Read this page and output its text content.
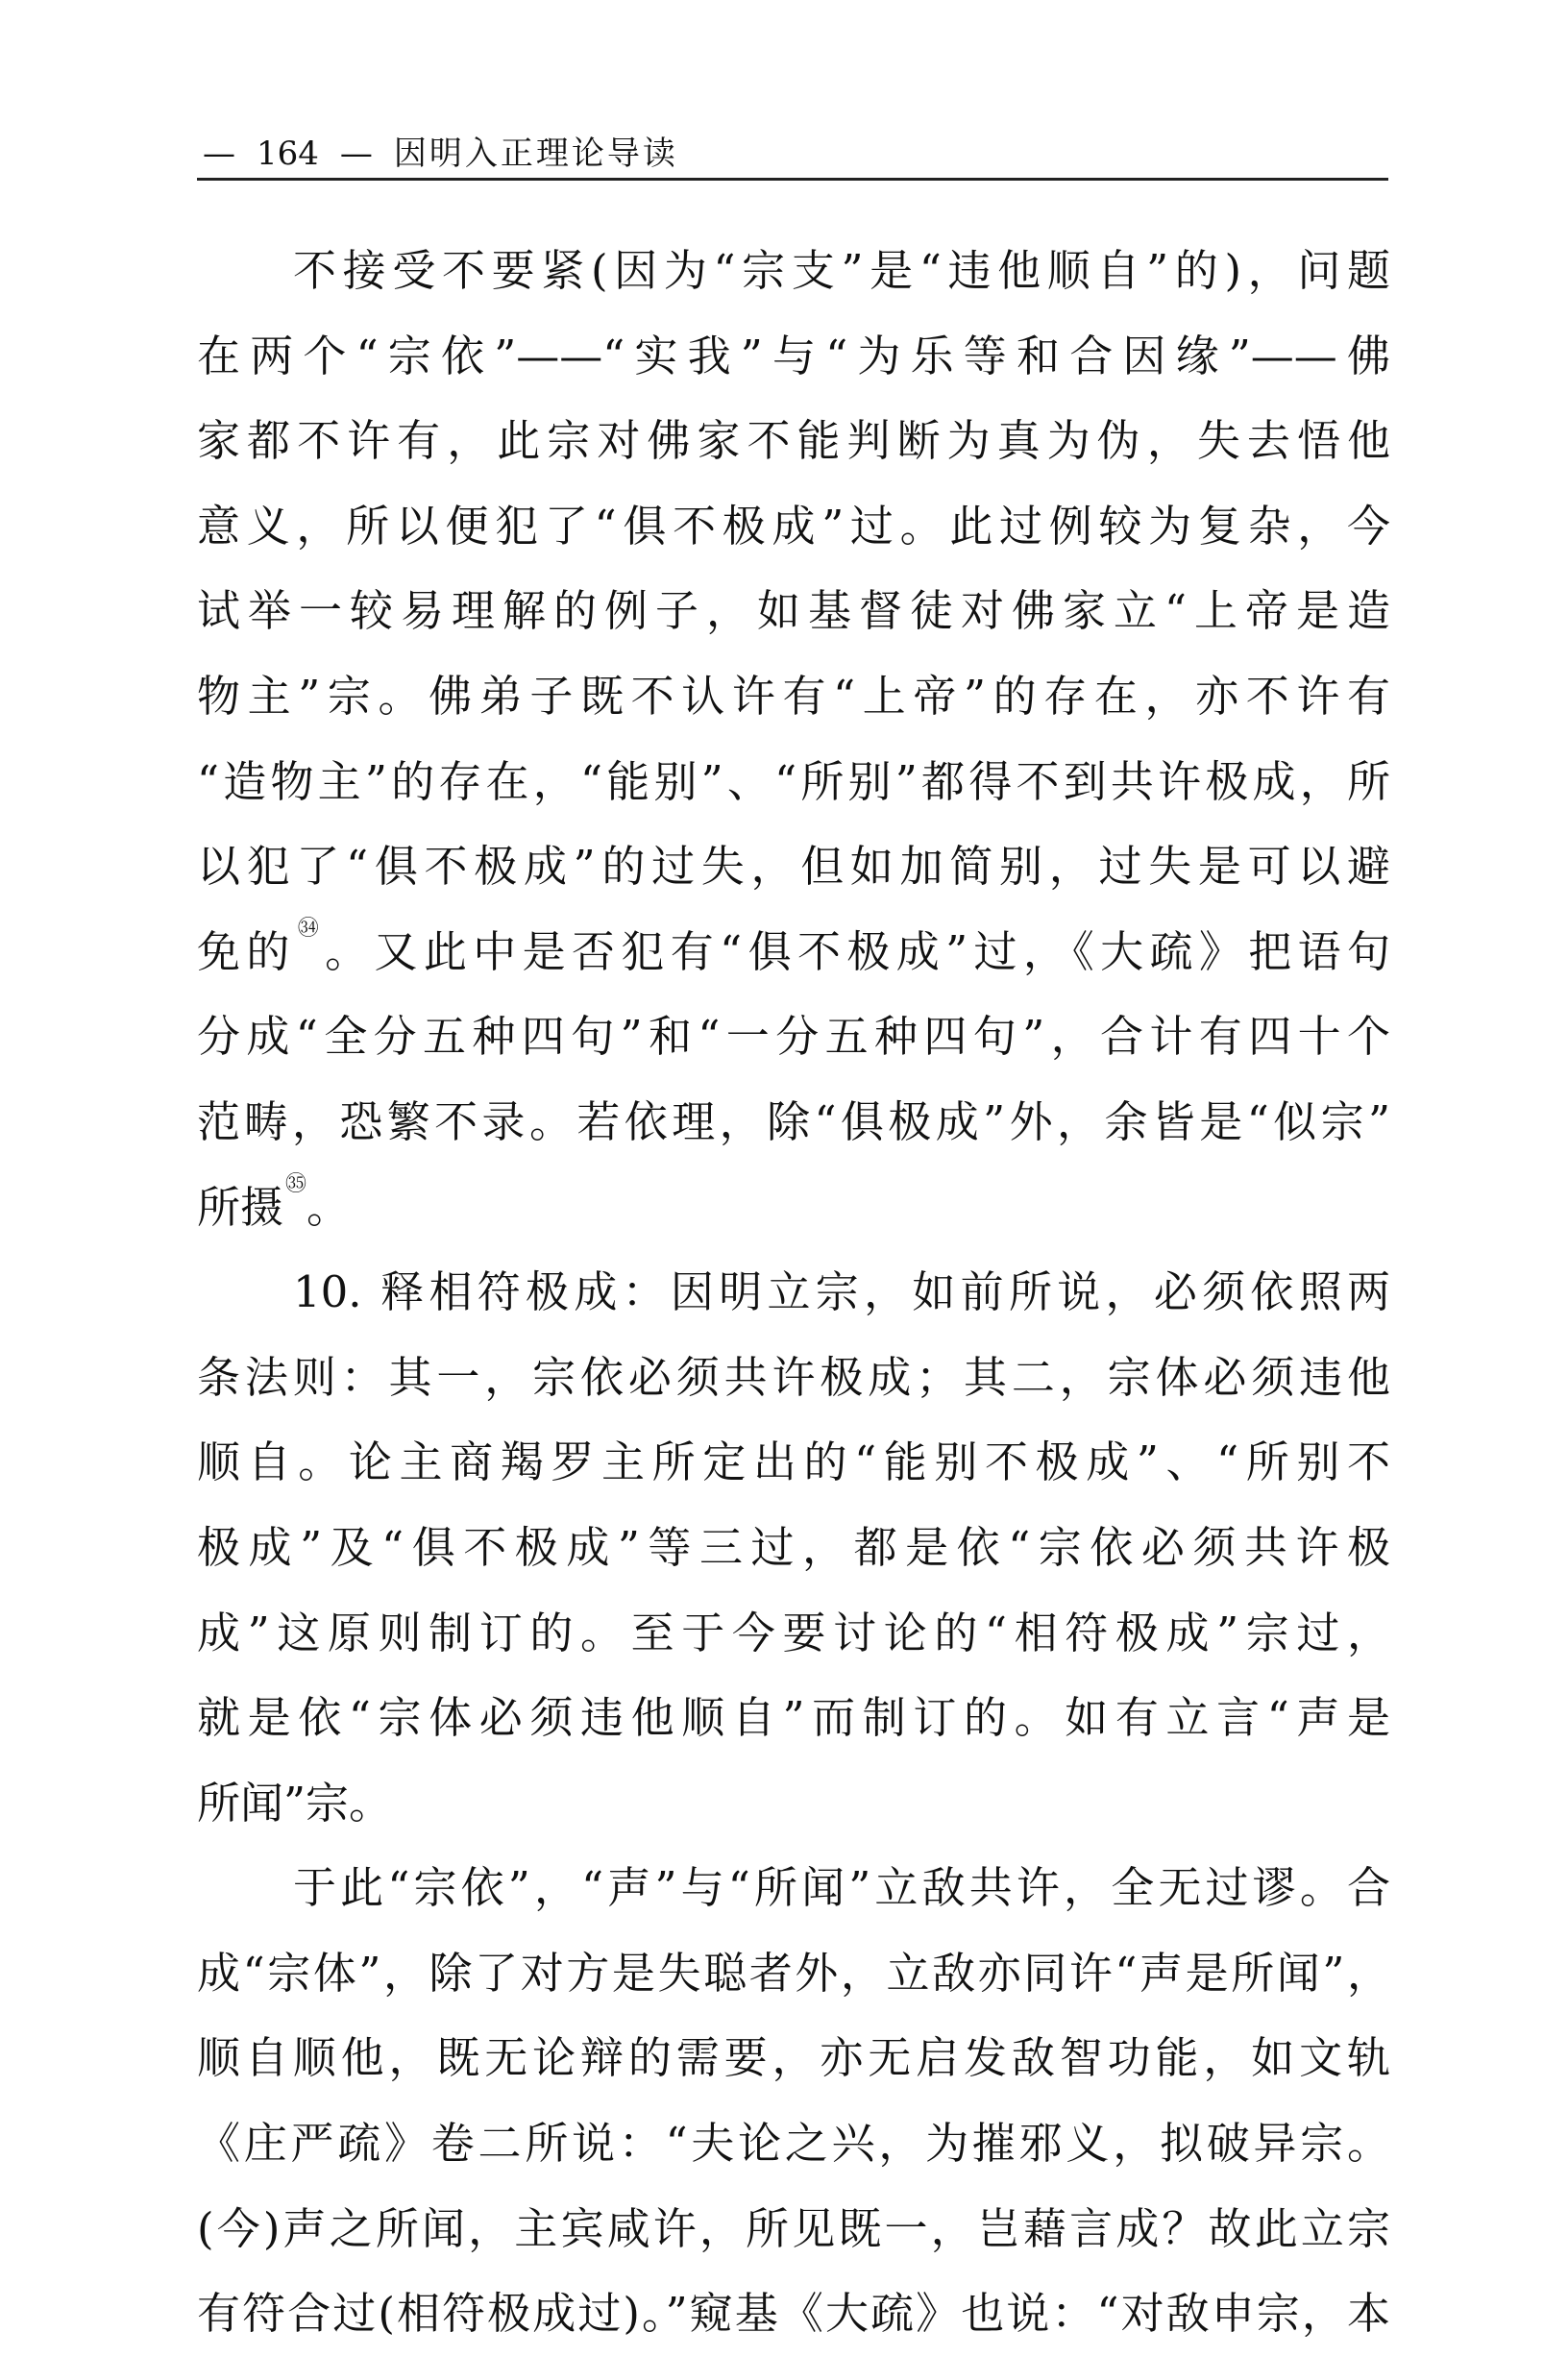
— 164 — 因明入正理论导读
不接受不要紧(因为“宗支”是“违他顺自”的)，问题
在两个“宗依”——“实我”与“为乐等和合因缘”——佛
家都不许有，此宗对佛家不能判断为真为伪，失去悟他
意义，所以便犯了“俱不极成”过。此过例较为复杂，今
试举一较易理解的例子，如基督徒对佛家立“上帝是造
物主”宗。佛弟子既不认许有“上帝”的存在，亦不许有
“造物主”的存在，“能别”、“所别”都得不到共许极成，所
以犯了“俱不极成”的过失，但如加简别，过失是可以避
免的$^㉞$。又此中是否犯有“俱不极成”过，《大疏》把语句
分成“全分五种四句”和“一分五种四句”，合计有四十个
范畴，恐繁不录。若依理，除“俱极成”外，余皆是“似宗”
所摄$^㉟$。
10. 释相符极成：因明立宗，如前所说，必须依照两
条法则：其一，宗依必须共许极成；其二，宗体必须违他
顺自。论主商羯罗主所定出的“能别不极成”、“所别不
极成”及“俱不极成”等三过，都是依“宗依必须共许极
成”这原则制订的。至于今要讨论的“相符极成”宗过，
就是依“宗体必须违他顺自”而制订的。如有立言“声是
所闻”宗。
于此“宗依”，“声”与“所闻”立敌共许，全无过谬。合
成“宗体”，除了对方是失聪者外，立敌亦同许“声是所闻”，
顺自顺他，既无论辩的需要，亦无启发敌智功能，如文轨
《庄严疏》卷二所说：“夫论之兴，为摧邪义，拟破异宗。
(今)声之所闻，主宾咸许，所见既一，岂藉言成？故此立宗
有符合过(相符极成过)。”窥基《大疏》也说：“对敌申宗，本
